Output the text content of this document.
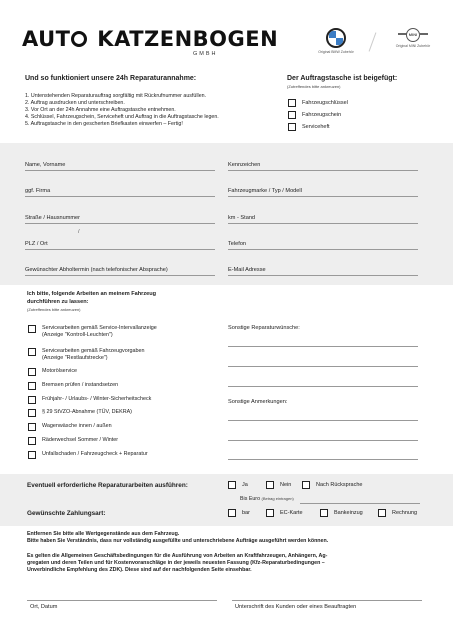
AUT KATZENBOGEN
GMBH	Original BMW Zubehör
MINI
Original MINI Zubehör
Und so funktioniert unsere 24h Reparaturannahme:
1. Untenstehenden Reparaturauftrag sorgfältig mit Rückrufnummer ausfüllen.
2. Auftrag ausdrucken und unterschreiben.
3. Vor Ort an der 24h Annahme eine Auftragstasche entnehmen.
4. Schlüssel, Fahrzeugschein, Serviceheft und Auftrag in die Auftragstasche legen.
5. Auftragstasche in den gescherten Briefkasten einwerfen – Fertig!
Der Auftragstasche ist beigefügt:
(Zutreffendes bitte ankreuzen)
Fahrzeugschlüssel
Fahrzeugschein
Serviceheft
Name, Vorname	Kennzeichen
ggf. Firma	Fahrzeugmarke / Typ / Modell
Straße / Hausnummer	km - Stand
/
PLZ / Ort	Telefon
Gewünschter Abholtermin (nach telefonischer Absprache)	E-Mail Adresse
Ich bitte, folgende Arbeiten an meinem Fahrzeug
durchführen zu lassen:
(Zutreffendes bitte ankreuzen)
Servicearbeiten gemäß Service-Intervallanzeige
(Anzeige "Kontroll-Leuchten")
Servicearbeiten gemäß Fahrzeugvorgaben
(Anzeige "Restlaufstrecke")
Motorölservice
Bremsen prüfen / instandsetzen
Frühjahr- / Urlaubs- / Winter-Sicherheitscheck
§ 29 StVZO-Abnahme (TÜV, DEKRA)
Wagenwäsche innen / außen
Räderwechsel Sommer / Winter
Unfallschaden / Fahrzeugcheck + Reparatur
Sonstige Reparaturwünsche:
Sonstige Anmerkungen:
Eventuell erforderliche Reparaturarbeiten ausführen:	Ja	Nein	Nach Rücksprache
Bis Euro (Betrag eintragen)
Gewünschte Zahlungsart:	bar	EC-Karte	Bankeinzug	Rechnung
Entfernen Sie bitte alle Wertgegenstände aus dem Fahrzeug.
Bitte haben Sie Verständnis, dass nur vollständig ausgefüllte und unterschriebene Aufträge ausgeführt werden können.
Es gelten die Allgemeinen Geschäftsbedingungen für die Ausführung von Arbeiten an Kraftfahrzeugen, Anhängern, Ag-
gregaten und deren Teilen und für Kostenvoranschläge in der jeweils neuesten Fassung (Kfz-Reparaturbedingungen –
Unverbindliche Empfehlung des ZDK). Diese sind auf der nachfolgenden Seite einsehbar.
Ort, Datum	Unterschrift des Kunden oder eines Beauftragten
